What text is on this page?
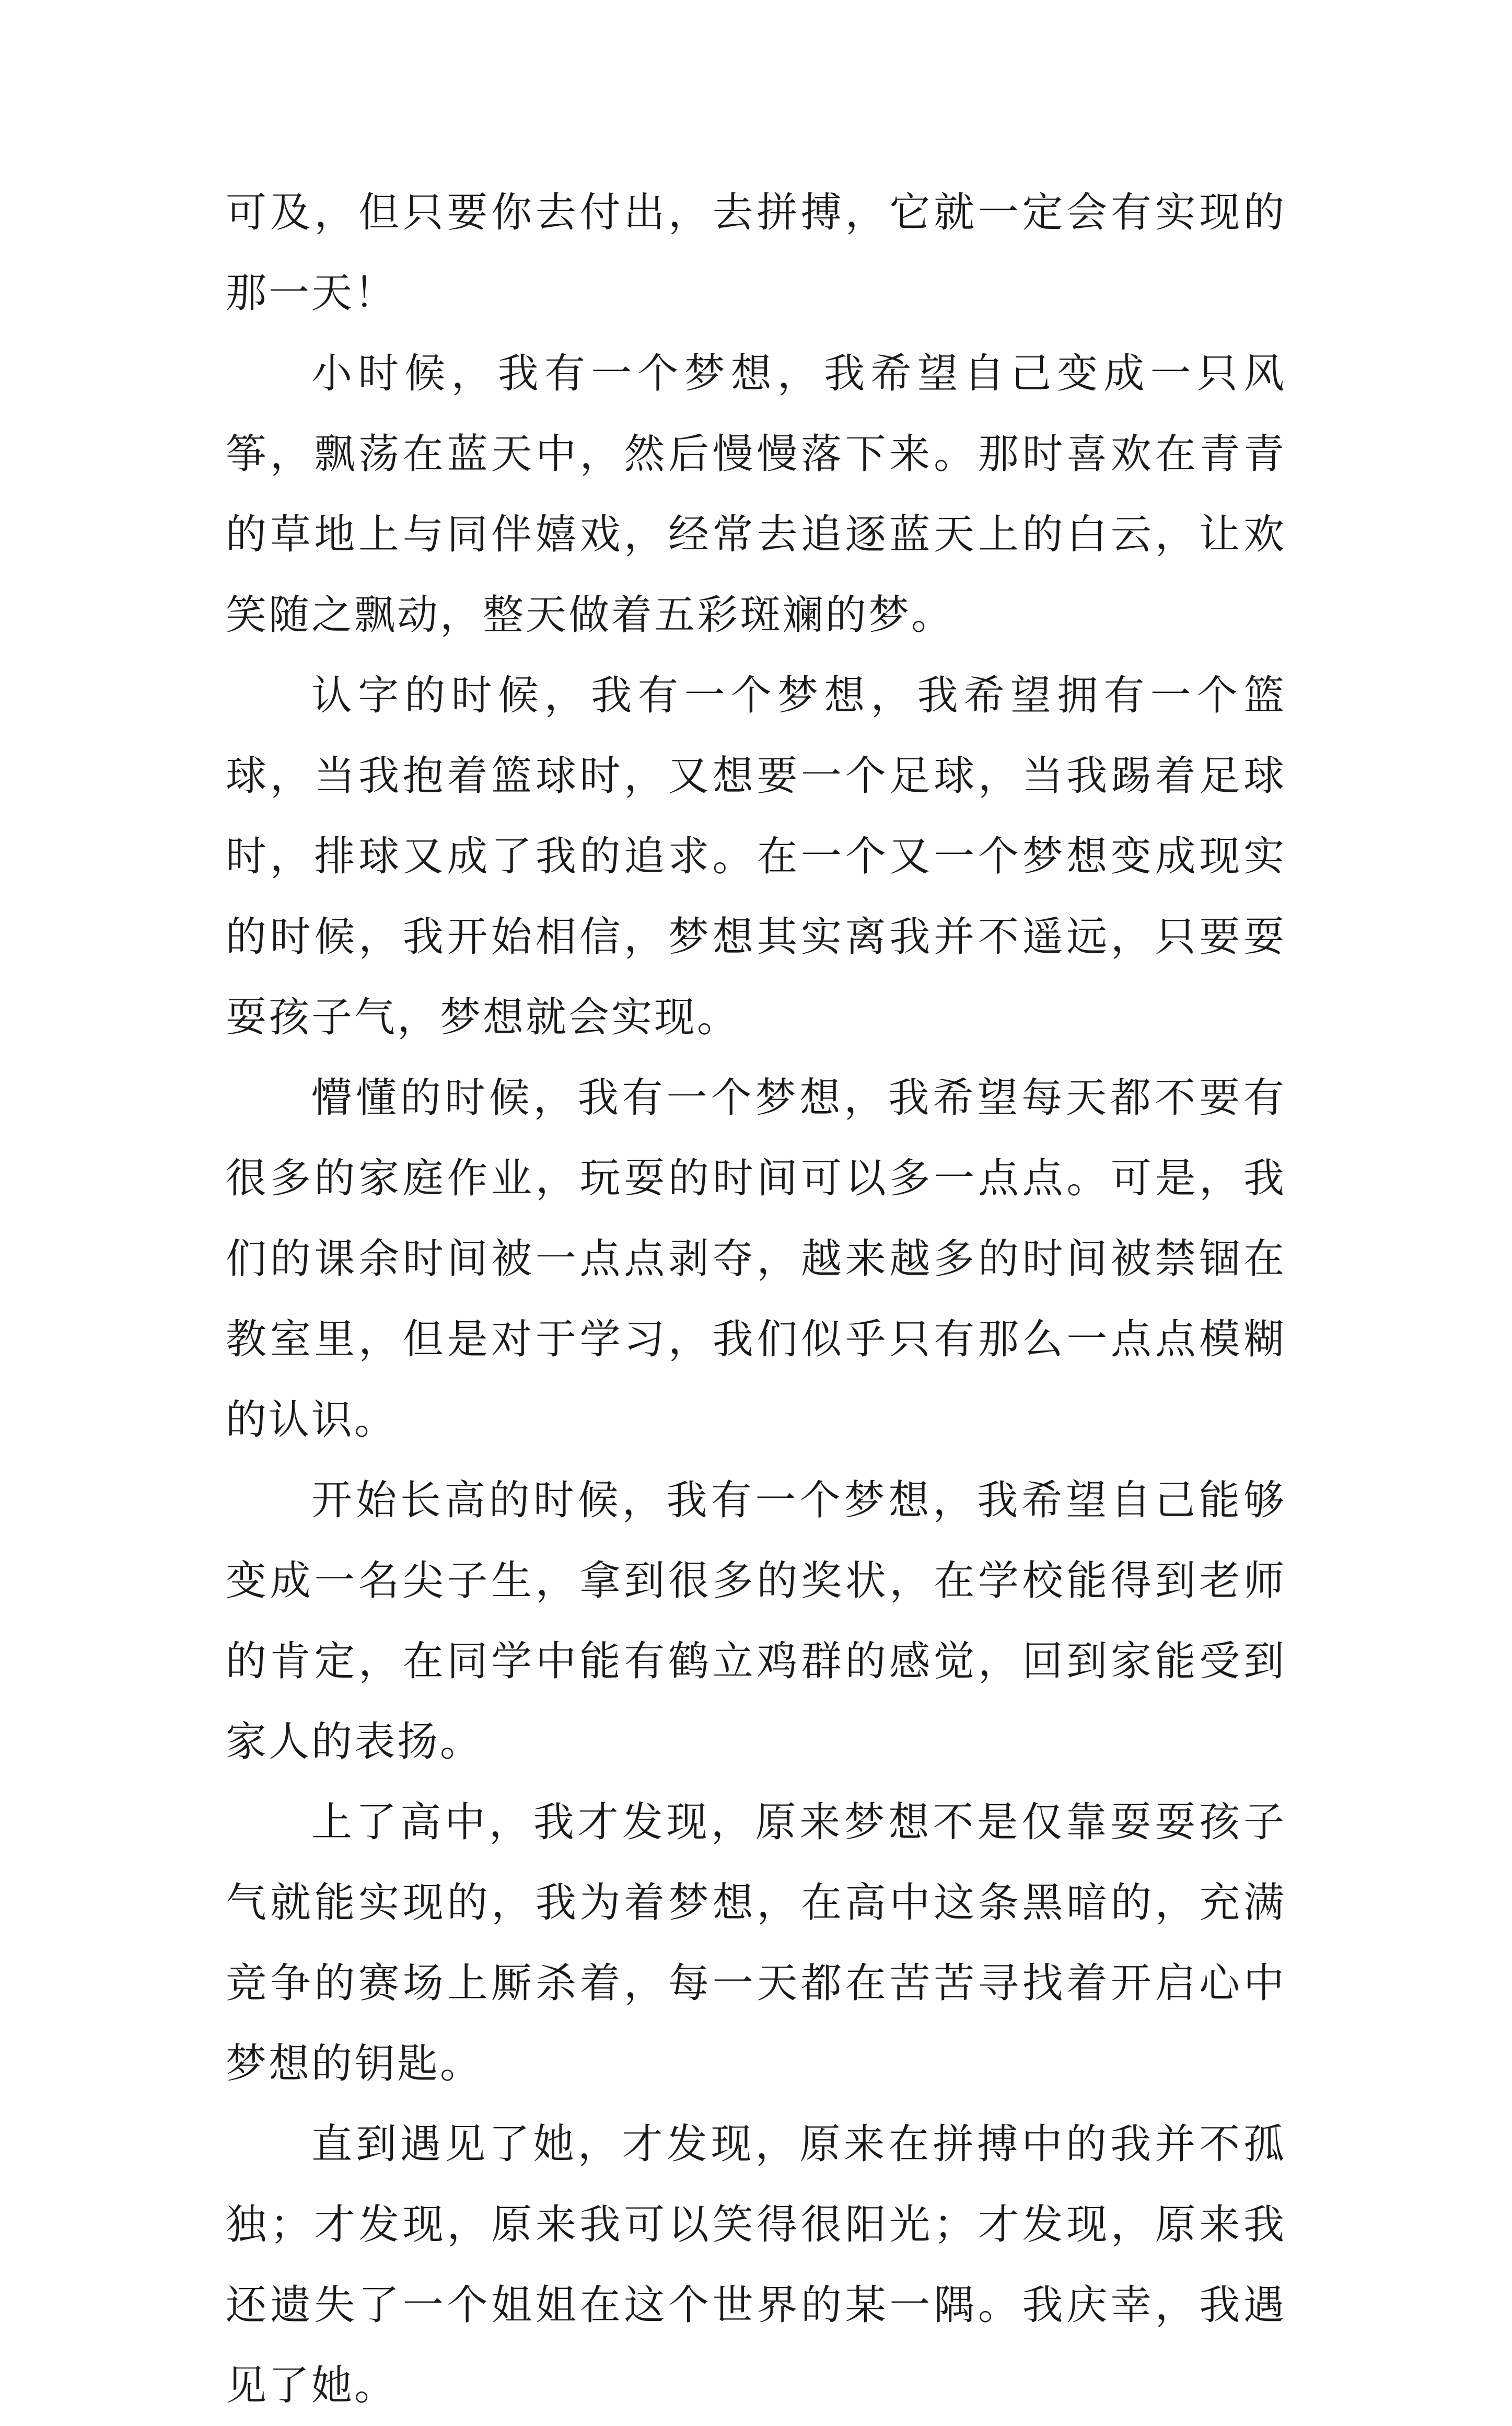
可及，但只要你去付出，去拼搏，它就一定会有实现的那一天！

小时候，我有一个梦想，我希望自己变成一只风筝，飘荡在蓝天中，然后慢慢落下来。那时喜欢在青青的草地上与同伴嬉戏，经常去追逐蓝天上的白云，让欢笑随之飘动，整天做着五彩斑斓的梦。

认字的时候，我有一个梦想，我希望拥有一个篮球，当我抱着篮球时，又想要一个足球，当我踢着足球时，排球又成了我的追求。在一个又一个梦想变成现实的时候，我开始相信，梦想其实离我并不遥远，只要耍耍孩子气，梦想就会实现。

懵懂的时候，我有一个梦想，我希望每天都不要有很多的家庭作业，玩耍的时间可以多一点点。可是，我们的课余时间被一点点剥夺，越来越多的时间被禁锢在教室里，但是对于学习，我们似乎只有那么一点点模糊的认识。

开始长高的时候，我有一个梦想，我希望自己能够变成一名尖子生，拿到很多的奖状，在学校能得到老师的肯定，在同学中能有鹤立鸡群的感觉，回到家能受到家人的表扬。

上了高中，我才发现，原来梦想不是仅靠耍耍孩子气就能实现的，我为着梦想，在高中这条黑暗的，充满竞争的赛场上厮杀着，每一天都在苦苦寻找着开启心中梦想的钥匙。

直到遇见了她，才发现，原来在拼搏中的我并不孤独；才发现，原来我可以笑得很阳光；才发现，原来我还遗失了一个姐姐在这个世界的某一隅。我庆幸，我遇见了她。
